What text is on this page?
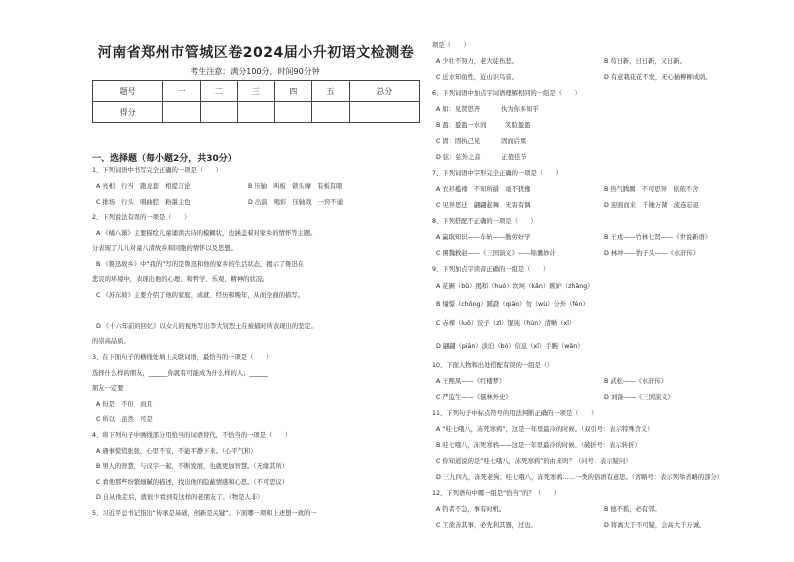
河南省郑州市管城区卷2024届小升初语文检测卷
考生注意：满分100分，时间90分钟
题号	一	二	三	四	五	总分
得分						
一、选择题（每小题2分，共30分）
1、下列词语中书写完全正确的一项是（　　）
A 亮相　行当　跑龙套　相提言论	B 压轴　叫板　锁头摩　有板有眼
C 排场　行头　唱曲腔　粉墨主色	D 出演　喝彩　压轴戏　一窍不通
2、下列说法有误的一项是（　　）
A 《橘八渐》主要描绘儿童诵读古诗的模糊状，也涵盖着对家乡的情怀等主题。
分表现了儿儿对童八清故乡和同胞的情怀以及思想。
B 《鲁迅故乡》中“我的”写的是鲁迅和他的家乡的生活状态，揭示了鲁迅在
悲哀的环境中，表现出他的心理、和哲学、乐观、精神的状况。
C 《苏东坡》主要介绍了他的家庭、成就、经历和晚年，从而全面的描写。
D 《十六年前的回忆》以女儿的视角写出李大钊烈士在被捕时所表现出的坚定。
的崇高品质。
3、在下面句子的横线处填上关联词语，最恰当的一项是（　　）
选择什么样的朋友，______你就有可能成为什么样的人；______
朋友一定要
A 但是　不但　而且
C 所以　虽然　可是
4、将下列句子中画线部分用恰当的词语替代，不恰当的一项是（　　）
A 遇事慌慌张张，心里不安，不能平静下来。（心平气和）
B 男人的智慧，与汉字一起，不断发展，也就更加智慧。（无缘其所）
C 看他那些纷繁细腻的描述，找出他的隐蔽情感和心思。（不可思议）
D 自从他走后，就很少看到有这样的老朋友了。（物是人非）
5、习近平总书记指出“传承是基础，创新是关键”。下面哪一项和上述想一致的一
项是（　　）
A 少壮不努力，老大徒伤悲。	B 苟日新，日日新，又日新。
C 近水知鱼性，近山识鸟音。	D 有意栽花花不发，无心插柳柳成荫。
6、下列词语中加点字词语理解相同的一组是（　　）
A 如：见贤思齐　　　 执为你多知乎
B 盈：盈盈一水间　　　笑脸盈盈
C 固：固执己见　　　 固而后果
D 弦：弦外之音　　　 正值佳节
7、下列词语中字形完全正确的一项是（　　）
A 衣衫褴褛　不知所措　毫不犹豫	B 热气腾腾　不可思异　依依不舍
C 见异思迁　翩翩起舞　无害有偶	D 迎面而来　千锤万凿　流连忘返
8、下列搭配不正确的一项是（　　）
A 赢取知识——车轨——勤劳好学	B 王戎——竹林七贤——《世说新语》
C 围魏救赵——《三国演义》——锦囊妙计	D 林冲——豹子头——《水浒传》
9、下列加点字读音正确的一组是（　　）
A 花圃（bǔ）揭和（huó）坎坷（kǎn）嫉妒（zhāng）
B 憧憬（chōng）蹊跷（qiāo）勿（wù）分外（fèn）
C 赤裸（luǒ）饺子（zǐ）馄饨（hún）清晰（xī）
D 翩翩（piān）淡泊（bó）信息（xī）手腕（wǎn）
10、下面人物和出处搭配有误的一组是（）
A 王熙凤——《红楼梦》	B 武松——《水浒传》
C 严监生——《儒林外史》	D 刘备——《三国演义》
11、下列句子中标点符号的用法判断正确的一项是（　　）
A “哇七哦八，冻死寒鸦”，这是一年里最冷的时候。（双引号：表示特殊含义）
B 哇七哦八，冻死寒鸦——这是一年里最冷的时候。（破折号：表示转折）
C 你知道说的是“哇七哦八，冻死寒鸦”的由来吗？（问号：表示疑问）
D 三九四九，冻死老狗；哇七哦八，冻死寒鸦……一类的俗语有意思。（省略号：表示列举省略的部分）
12、下列语句中哪一组是“恰当”的？（　　）
A 钓者不急，事有时机。	B 德不孤，必有邻。
C 工欲善其事，必先利其器，过也。	D 将离大于不可疑，会高大千万诚。
